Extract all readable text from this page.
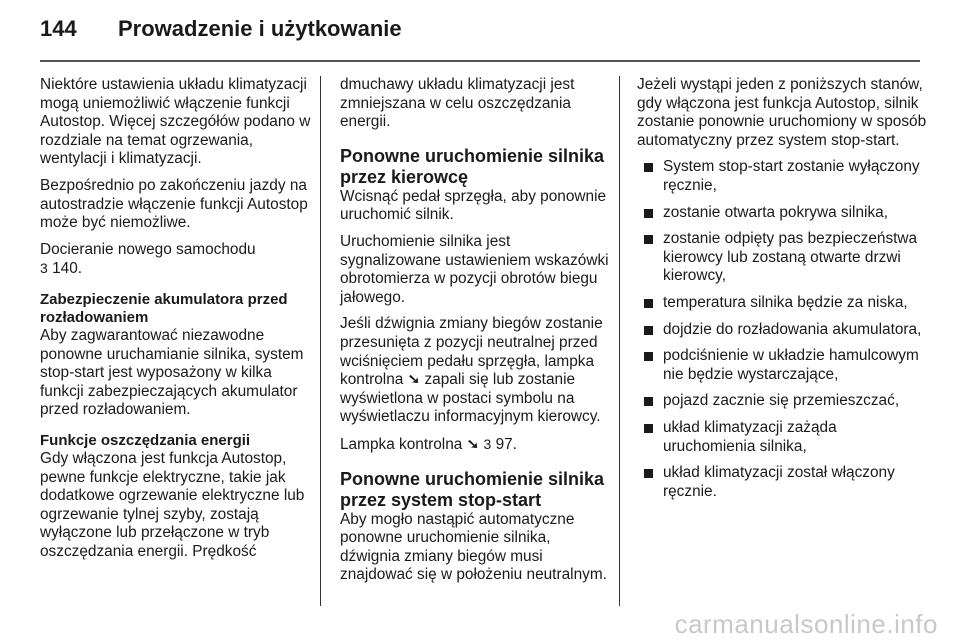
144	Prowadzenie i użytkowanie

Niektóre ustawienia układu klimatyzacji mogą uniemożliwić włączenie funkcji Autostop. Więcej szczegółów podano w rozdziale na temat ogrzewania, wentylacji i klimatyzacji.

Bezpośrednio po zakończeniu jazdy na autostradzie włączenie funkcji Autostop może być niemożliwe.

Docieranie nowego samochodu
3 140.

Zabezpieczenie akumulatora przed rozładowaniem

Aby zagwarantować niezawodne ponowne uruchamianie silnika, system stop-start jest wyposażony w kilka funkcji zabezpieczających akumulator przed rozładowaniem.

Funkcje oszczędzania energii

Gdy włączona jest funkcja Autostop, pewne funkcje elektryczne, takie jak dodatkowe ogrzewanie elektryczne lub ogrzewanie tylnej szyby, zostają wyłączone lub przełączone w tryb oszczędzania energii. Prędkość

dmuchawy układu klimatyzacji jest zmniejszana w celu oszczędzania energii.

Ponowne uruchomienie silnika przez kierowcę

Wcisnąć pedał sprzęgła, aby ponownie uruchomić silnik.

Uruchomienie silnika jest sygnalizowane ustawieniem wskazówki obrotomierza w pozycji obrotów biegu jałowego.

Jeśli dźwignia zmiany biegów zostanie przesunięta z pozycji neutralnej przed wciśnięciem pedału sprzęgła, lampka kontrolna ➘ zapali się lub zostanie wyświetlona w postaci symbolu na wyświetlaczu informacyjnym kierowcy.

Lampka kontrolna ➘ 3 97.

Ponowne uruchomienie silnika przez system stop-start

Aby mogło nastąpić automatyczne ponowne uruchomienie silnika, dźwignia zmiany biegów musi znajdować się w położeniu neutralnym.

Jeżeli wystąpi jeden z poniższych stanów, gdy włączona jest funkcja Autostop, silnik zostanie ponownie uruchomiony w sposób automatyczny przez system stop-start.

System stop-start zostanie wyłączony ręcznie,
zostanie otwarta pokrywa silnika,
zostanie odpięty pas bezpieczeństwa kierowcy lub zostaną otwarte drzwi kierowcy,
temperatura silnika będzie za niska,
dojdzie do rozładowania akumulatora,
podciśnienie w układzie hamulcowym nie będzie wystarczające,
pojazd zacznie się przemieszczać,
układ klimatyzacji zażąda uruchomienia silnika,
układ klimatyzacji został włączony ręcznie.
carmanualsonline.info
